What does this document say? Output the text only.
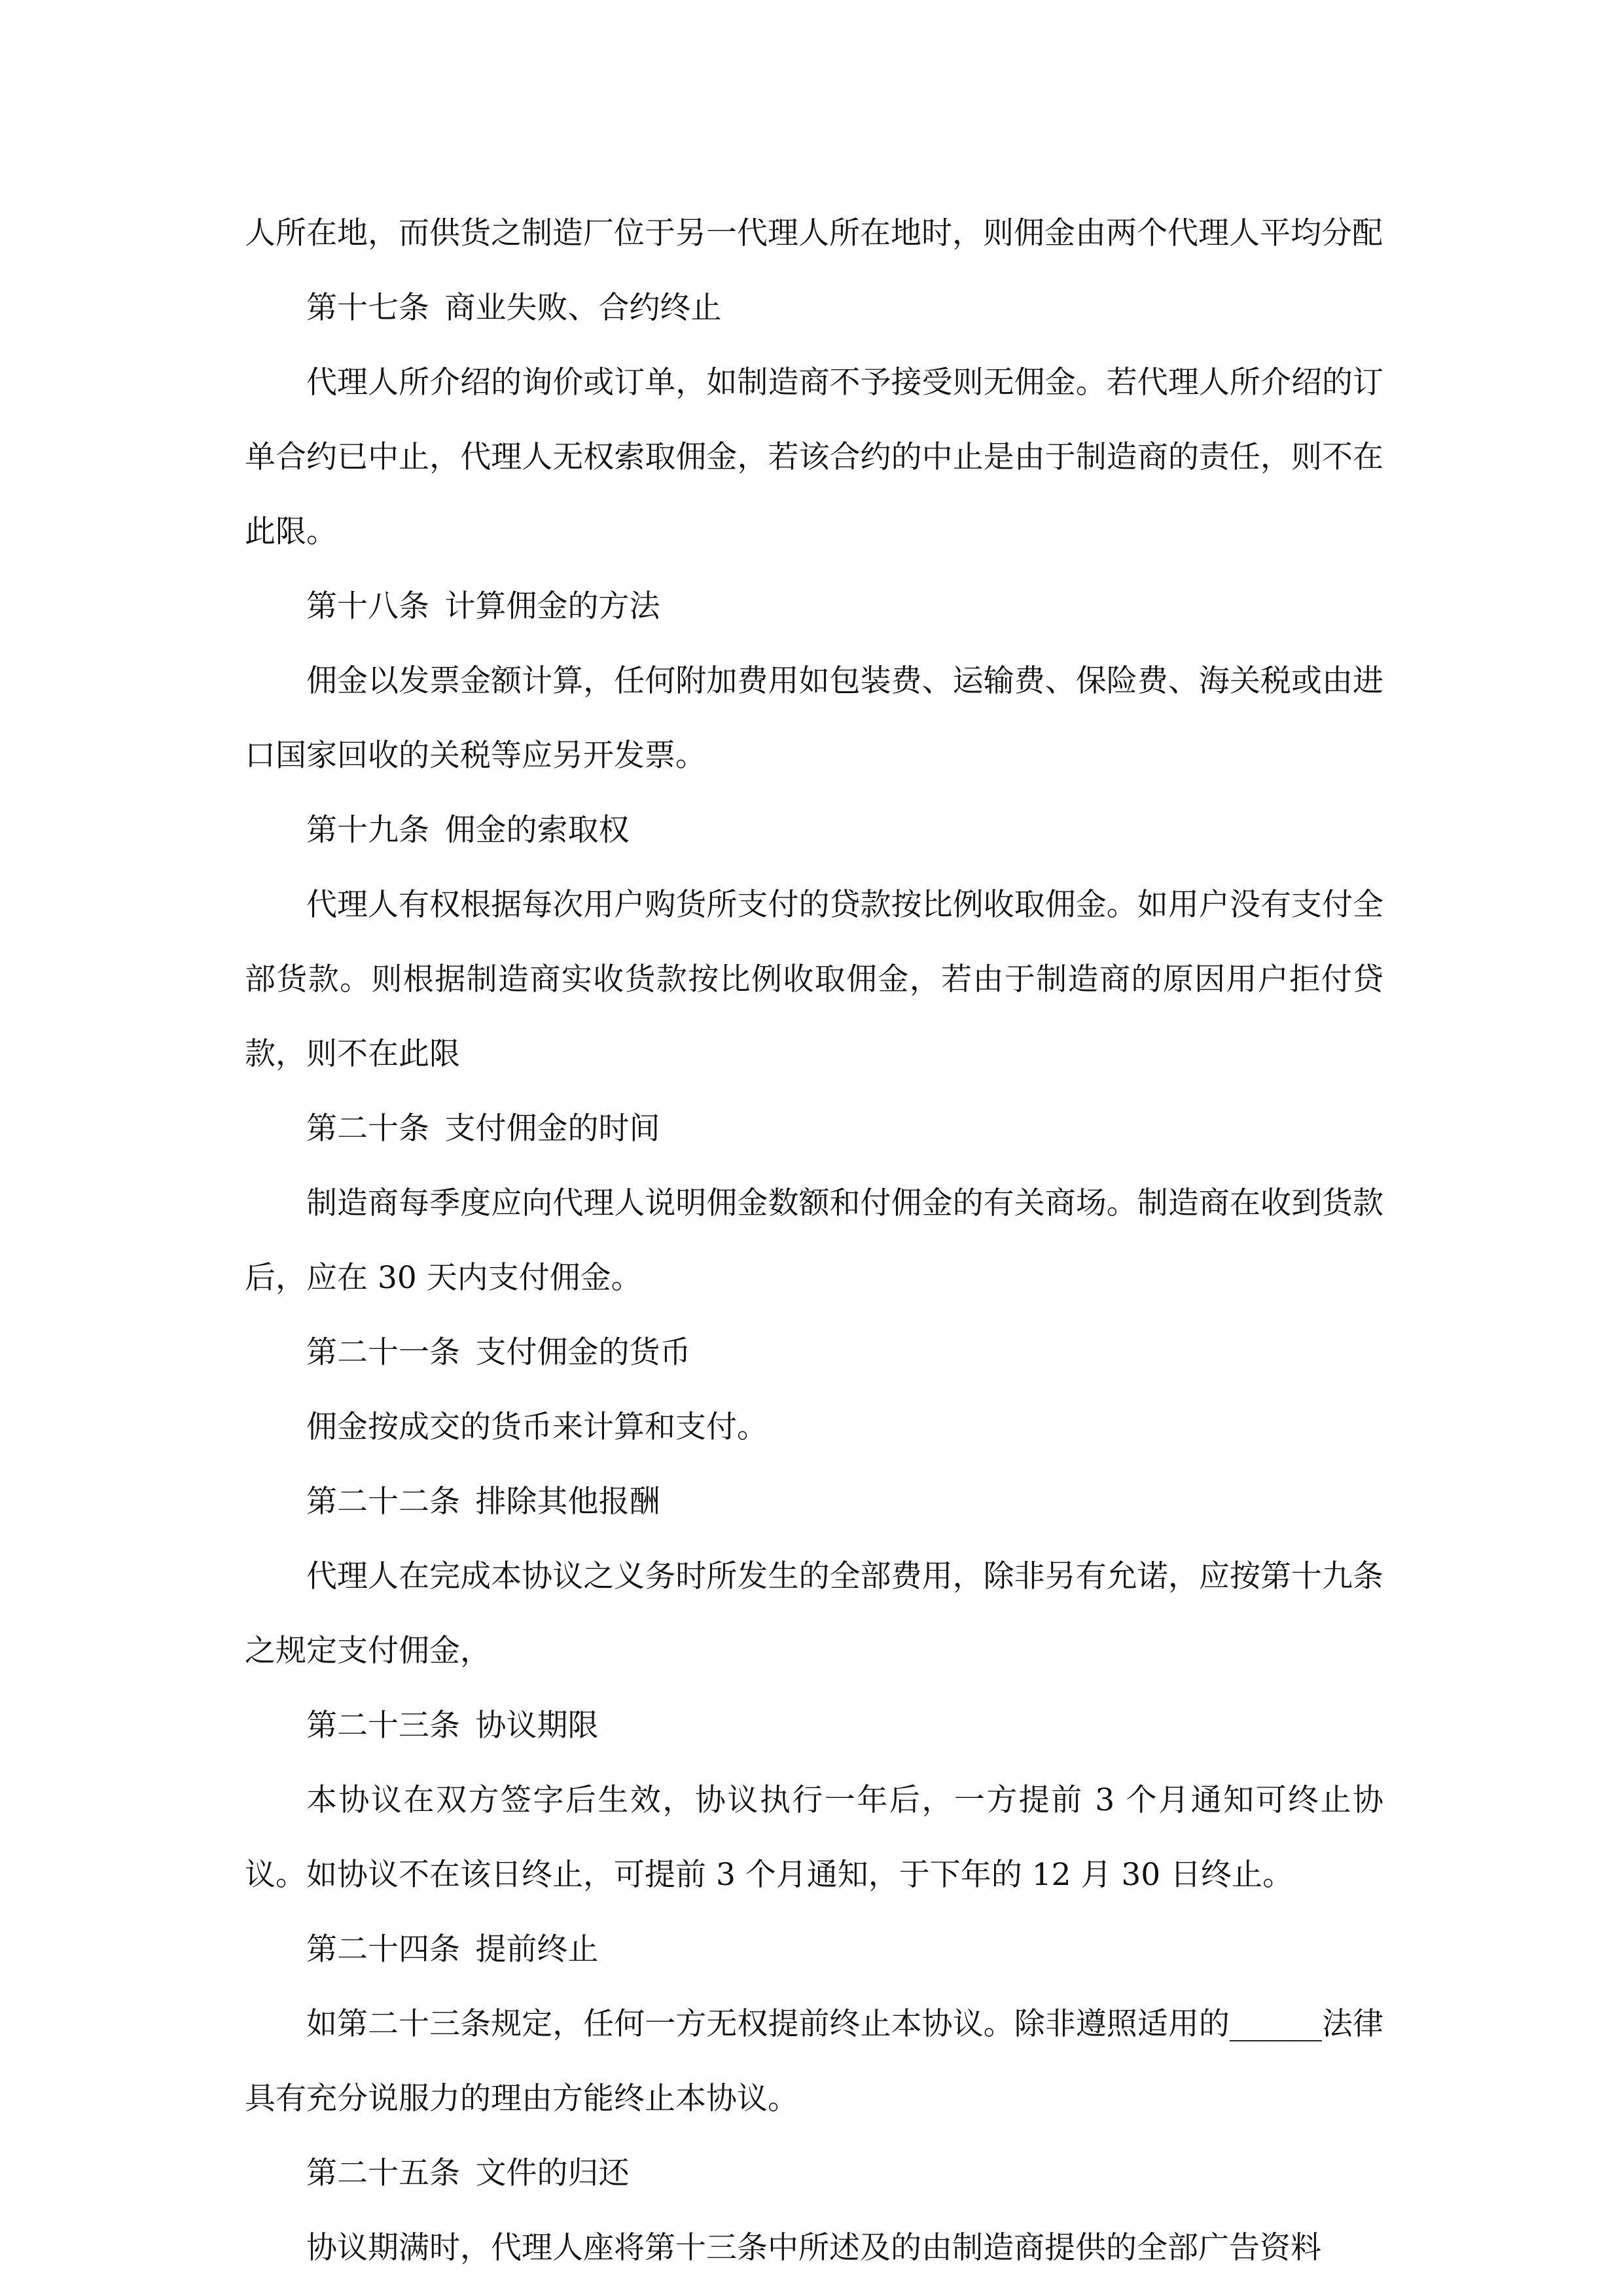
人所在地，而供货之制造厂位于另一代理人所在地时，则佣金由两个代理人平均分配

第十七条 商业失败、合约终止

代理人所介绍的询价或订单，如制造商不予接受则无佣金。若代理人所介绍的订单合约已中止，代理人无权索取佣金，若该合约的中止是由于制造商的责任，则不在此限。

第十八条 计算佣金的方法

佣金以发票金额计算，任何附加费用如包装费、运输费、保险费、海关税或由进口国家回收的关税等应另开发票。

第十九条 佣金的索取权

代理人有权根据每次用户购货所支付的贷款按比例收取佣金。如用户没有支付全部货款。则根据制造商实收货款按比例收取佣金，若由于制造商的原因用户拒付贷款，则不在此限

第二十条 支付佣金的时间

制造商每季度应向代理人说明佣金数额和付佣金的有关商场。制造商在收到货款后，应在 30 天内支付佣金。

第二十一条 支付佣金的货币

佣金按成交的货币来计算和支付。

第二十二条 排除其他报酬

代理人在完成本协议之义务时所发生的全部费用，除非另有允诺，应按第十九条之规定支付佣金，

第二十三条 协议期限

本协议在双方签字后生效，协议执行一年后，一方提前 3 个月通知可终止协议。如协议不在该日终止，可提前 3 个月通知，于下年的 12 月 30 日终止。

第二十四条 提前终止

如第二十三条规定，任何一方无权提前终止本协议。除非遵照适用的______法律具有充分说服力的理由方能终止本协议。

第二十五条 文件的归还

协议期满时，代理人座将第十三条中所述及的由制造商提供的全部广告资料
